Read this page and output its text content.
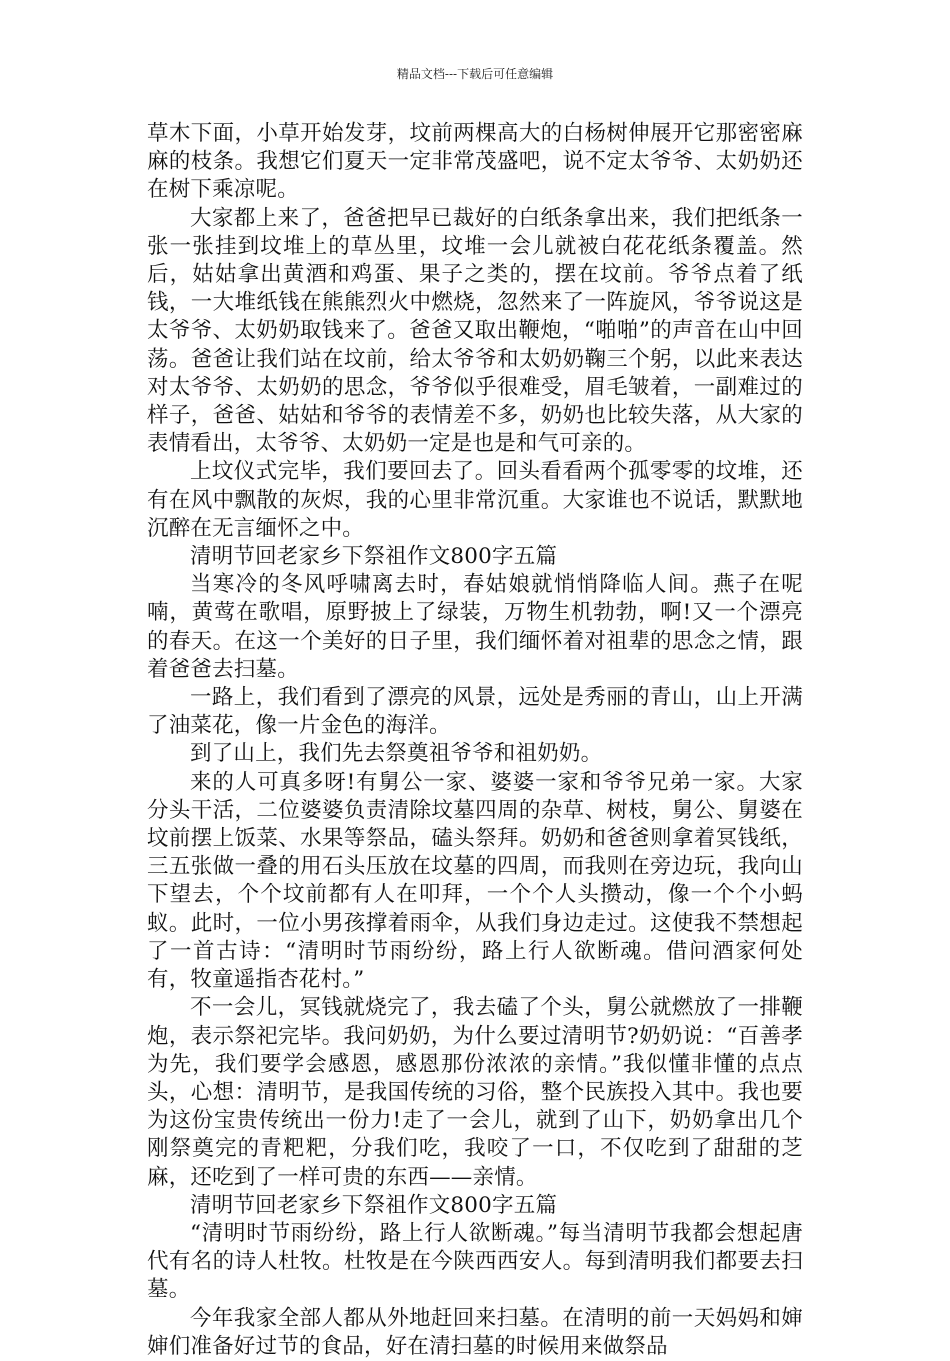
精品文档---下载后可任意编辑

草木下面，小草开始发芽，坟前两棵高大的白杨树伸展开它那密密麻麻的枝条。我想它们夏天一定非常茂盛吧，说不定太爷爷、太奶奶还在树下乘凉呢。

大家都上来了，爸爸把早已裁好的白纸条拿出来，我们把纸条一张一张挂到坟堆上的草丛里，坟堆一会儿就被白花花纸条覆盖。然后，姑姑拿出黄酒和鸡蛋、果子之类的，摆在坟前。爷爷点着了纸钱，一大堆纸钱在熊熊烈火中燃烧，忽然来了一阵旋风，爷爷说这是太爷爷、太奶奶取钱来了。爸爸又取出鞭炮，“啪啪”的声音在山中回荡。爸爸让我们站在坟前，给太爷爷和太奶奶鞠三个躬，以此来表达对太爷爷、太奶奶的思念，爷爷似乎很难受，眉毛皱着，一副难过的样子，爸爸、姑姑和爷爷的表情差不多，奶奶也比较失落，从大家的表情看出，太爷爷、太奶奶一定是也是和气可亲的。

上坟仪式完毕，我们要回去了。回头看看两个孤零零的坟堆，还有在风中飘散的灰烬，我的心里非常沉重。大家谁也不说话，默默地沉醉在无言缅怀之中。

清明节回老家乡下祭祖作文800字五篇

当寒冷的冬风呼啸离去时，春姑娘就悄悄降临人间。燕子在呢喃，黄莺在歌唱，原野披上了绿装，万物生机勃勃，啊!又一个漂亮的春天。在这一个美好的日子里，我们缅怀着对祖辈的思念之情，跟着爸爸去扫墓。

一路上，我们看到了漂亮的风景，远处是秀丽的青山，山上开满了油菜花，像一片金色的海洋。

到了山上，我们先去祭奠祖爷爷和祖奶奶。

来的人可真多呀!有舅公一家、婆婆一家和爷爷兄弟一家。大家分头干活，二位婆婆负责清除坟墓四周的杂草、树枝，舅公、舅婆在坟前摆上饭菜、水果等祭品，磕头祭拜。奶奶和爸爸则拿着冥钱纸，三五张做一叠的用石头压放在坟墓的四周，而我则在旁边玩，我向山下望去，个个坟前都有人在叩拜，一个个人头攒动，像一个个小蚂蚁。此时，一位小男孩撑着雨伞，从我们身边走过。这使我不禁想起了一首古诗：“清明时节雨纷纷，路上行人欲断魂。借问酒家何处有，牧童遥指杏花村。”

不一会儿，冥钱就烧完了，我去磕了个头，舅公就燃放了一排鞭炮，表示祭祀完毕。我问奶奶，为什么要过清明节?奶奶说：“百善孝为先，我们要学会感恩，感恩那份浓浓的亲情。”我似懂非懂的点点头，心想：清明节，是我国传统的习俗，整个民族投入其中。我也要为这份宝贵传统出一份力!走了一会儿，就到了山下，奶奶拿出几个刚祭奠完的青粑粑，分我们吃，我咬了一口，不仅吃到了甜甜的芝麻，还吃到了一样可贵的东西——亲情。

清明节回老家乡下祭祖作文800字五篇

“清明时节雨纷纷，路上行人欲断魂。”每当清明节我都会想起唐代有名的诗人杜牧。杜牧是在今陕西西安人。每到清明我们都要去扫墓。

今年我家全部人都从外地赶回来扫墓。在清明的前一天妈妈和婶婶们准备好过节的食品，好在清扫墓的时候用来做祭品
